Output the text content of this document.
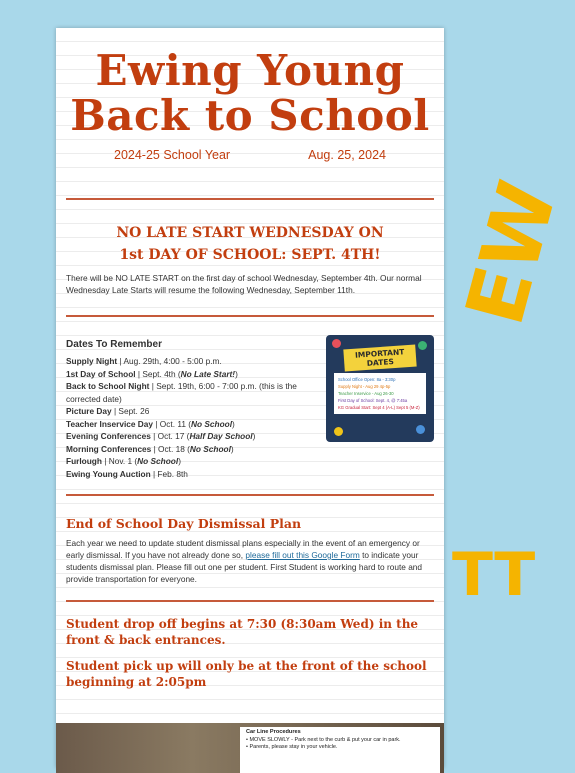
EW
TT
Ewing Young
Back to School
2024-25 School Year	Aug. 25, 2024
NO LATE START WEDNESDAY ON
1st DAY OF SCHOOL: SEPT. 4TH!

There will be NO LATE START on the first day of school Wednesday, September 4th. Our normal Wednesday Late Starts will resume the following Wednesday, September 11th.

Dates To Remember
Supply Night | Aug. 29th, 4:00 - 5:00 p.m.
1st Day of School | Sept. 4th (No Late Start!)
Back to School Night | Sept. 19th, 6:00 - 7:00 p.m. (this is the corrected date)
Picture Day | Sept. 26
Teacher Inservice Day | Oct. 11 (No School)
Evening Conferences | Oct. 17 (Half Day School)
Morning Conferences | Oct. 18 (No School)
Furlough | Nov. 1 (No School)
Ewing Young Auction | Feb. 8th
IMPORTANT DATES
School Office Open: 8a - 3:30p
Supply Night - Aug 29 4p-5p
Teacher Inservice - Aug 26-30
First Day of School: Sept. 4, @ 7:45a
KG Gradual Start: Sept 4 (A-L) Sept 5 (M-Z)
End of School Day Dismissal Plan

Each year we need to update student dismissal plans especially in the event of an emergency or early dismissal. If you have not already done so, please fill out this Google Form to indicate your students dismissal plan. Please fill out one per student. First Student is working hard to route and provide transportation for everyone.

Student drop off begins at 7:30 (8:30am Wed) in the front & back entrances.
Student pick up will only be at the front of the school beginning at 2:05pm
Car Line Procedures
• MOVE SLOWLY - Park next to the curb & put your car in park.
• Parents, please stay in your vehicle.
